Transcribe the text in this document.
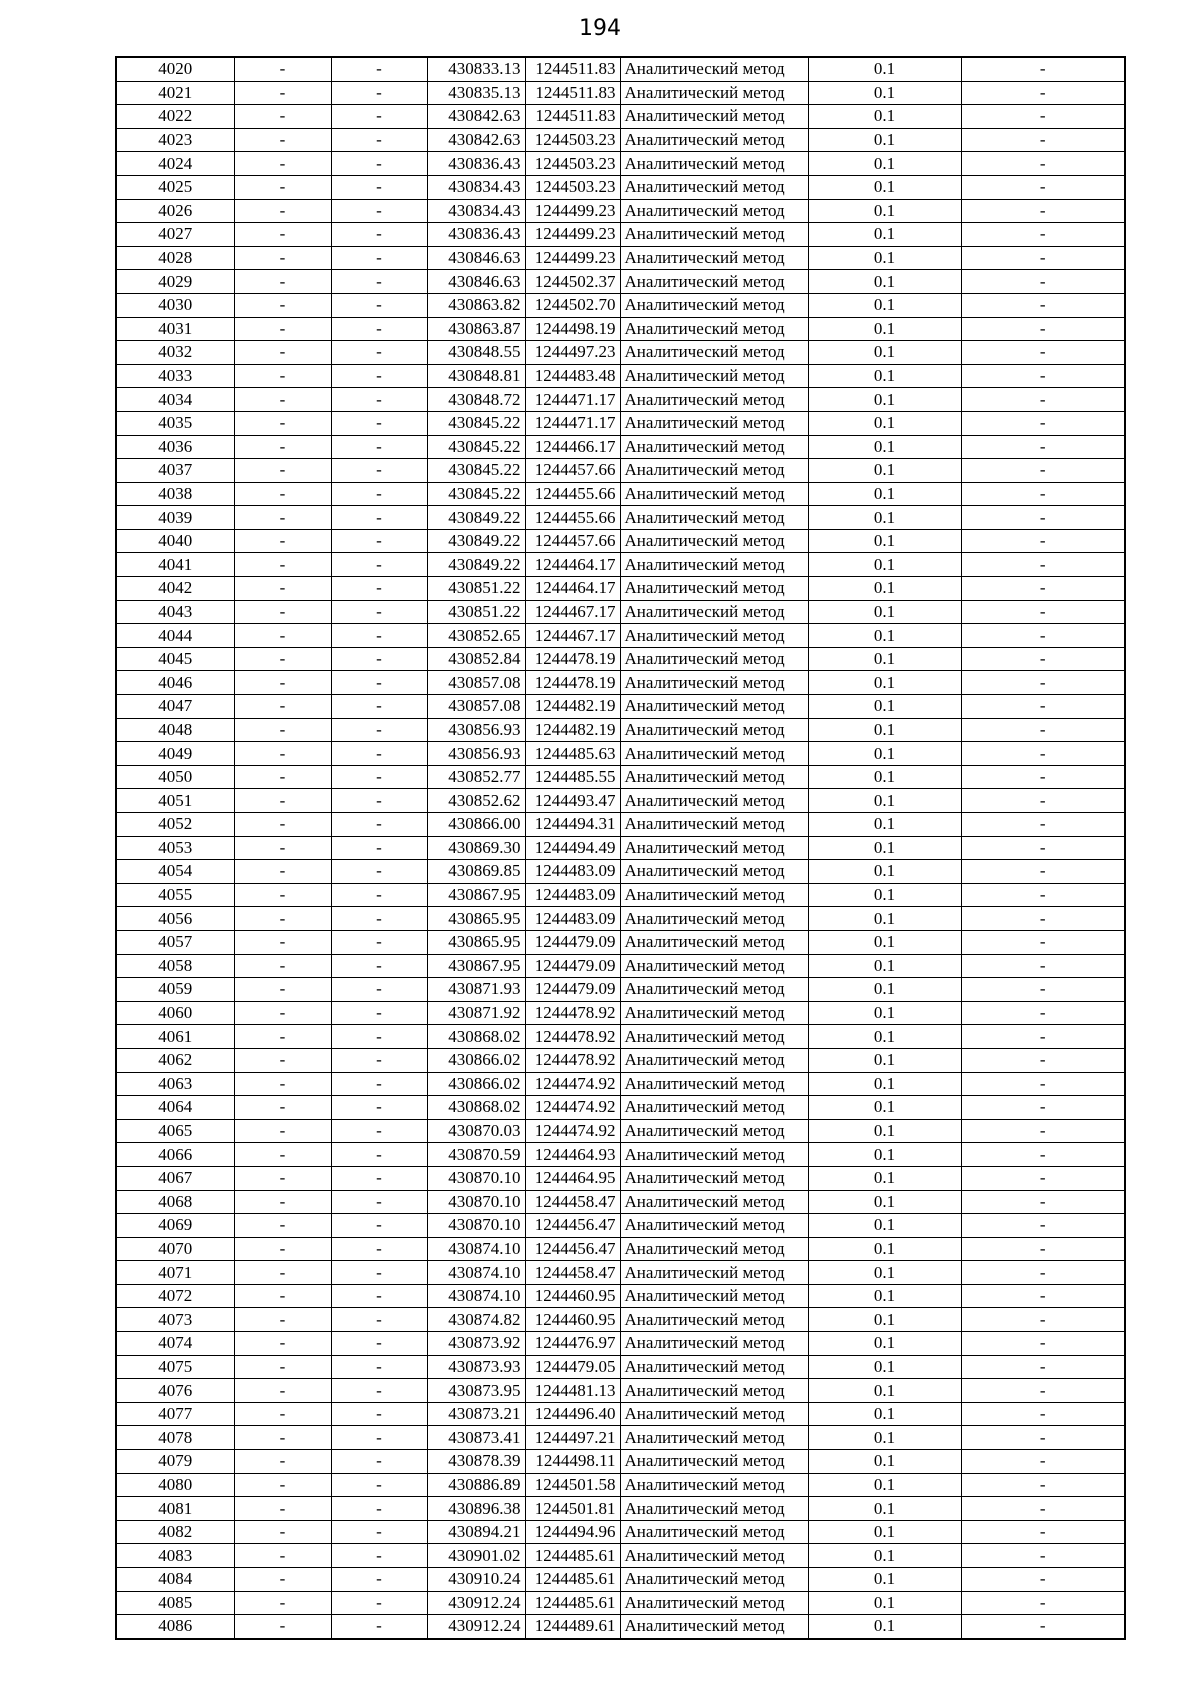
194
4020	-	-	430833.13	1244511.83	Аналитический метод	0.1	-
4021	-	-	430835.13	1244511.83	Аналитический метод	0.1	-
4022	-	-	430842.63	1244511.83	Аналитический метод	0.1	-
4023	-	-	430842.63	1244503.23	Аналитический метод	0.1	-
4024	-	-	430836.43	1244503.23	Аналитический метод	0.1	-
4025	-	-	430834.43	1244503.23	Аналитический метод	0.1	-
4026	-	-	430834.43	1244499.23	Аналитический метод	0.1	-
4027	-	-	430836.43	1244499.23	Аналитический метод	0.1	-
4028	-	-	430846.63	1244499.23	Аналитический метод	0.1	-
4029	-	-	430846.63	1244502.37	Аналитический метод	0.1	-
4030	-	-	430863.82	1244502.70	Аналитический метод	0.1	-
4031	-	-	430863.87	1244498.19	Аналитический метод	0.1	-
4032	-	-	430848.55	1244497.23	Аналитический метод	0.1	-
4033	-	-	430848.81	1244483.48	Аналитический метод	0.1	-
4034	-	-	430848.72	1244471.17	Аналитический метод	0.1	-
4035	-	-	430845.22	1244471.17	Аналитический метод	0.1	-
4036	-	-	430845.22	1244466.17	Аналитический метод	0.1	-
4037	-	-	430845.22	1244457.66	Аналитический метод	0.1	-
4038	-	-	430845.22	1244455.66	Аналитический метод	0.1	-
4039	-	-	430849.22	1244455.66	Аналитический метод	0.1	-
4040	-	-	430849.22	1244457.66	Аналитический метод	0.1	-
4041	-	-	430849.22	1244464.17	Аналитический метод	0.1	-
4042	-	-	430851.22	1244464.17	Аналитический метод	0.1	-
4043	-	-	430851.22	1244467.17	Аналитический метод	0.1	-
4044	-	-	430852.65	1244467.17	Аналитический метод	0.1	-
4045	-	-	430852.84	1244478.19	Аналитический метод	0.1	-
4046	-	-	430857.08	1244478.19	Аналитический метод	0.1	-
4047	-	-	430857.08	1244482.19	Аналитический метод	0.1	-
4048	-	-	430856.93	1244482.19	Аналитический метод	0.1	-
4049	-	-	430856.93	1244485.63	Аналитический метод	0.1	-
4050	-	-	430852.77	1244485.55	Аналитический метод	0.1	-
4051	-	-	430852.62	1244493.47	Аналитический метод	0.1	-
4052	-	-	430866.00	1244494.31	Аналитический метод	0.1	-
4053	-	-	430869.30	1244494.49	Аналитический метод	0.1	-
4054	-	-	430869.85	1244483.09	Аналитический метод	0.1	-
4055	-	-	430867.95	1244483.09	Аналитический метод	0.1	-
4056	-	-	430865.95	1244483.09	Аналитический метод	0.1	-
4057	-	-	430865.95	1244479.09	Аналитический метод	0.1	-
4058	-	-	430867.95	1244479.09	Аналитический метод	0.1	-
4059	-	-	430871.93	1244479.09	Аналитический метод	0.1	-
4060	-	-	430871.92	1244478.92	Аналитический метод	0.1	-
4061	-	-	430868.02	1244478.92	Аналитический метод	0.1	-
4062	-	-	430866.02	1244478.92	Аналитический метод	0.1	-
4063	-	-	430866.02	1244474.92	Аналитический метод	0.1	-
4064	-	-	430868.02	1244474.92	Аналитический метод	0.1	-
4065	-	-	430870.03	1244474.92	Аналитический метод	0.1	-
4066	-	-	430870.59	1244464.93	Аналитический метод	0.1	-
4067	-	-	430870.10	1244464.95	Аналитический метод	0.1	-
4068	-	-	430870.10	1244458.47	Аналитический метод	0.1	-
4069	-	-	430870.10	1244456.47	Аналитический метод	0.1	-
4070	-	-	430874.10	1244456.47	Аналитический метод	0.1	-
4071	-	-	430874.10	1244458.47	Аналитический метод	0.1	-
4072	-	-	430874.10	1244460.95	Аналитический метод	0.1	-
4073	-	-	430874.82	1244460.95	Аналитический метод	0.1	-
4074	-	-	430873.92	1244476.97	Аналитический метод	0.1	-
4075	-	-	430873.93	1244479.05	Аналитический метод	0.1	-
4076	-	-	430873.95	1244481.13	Аналитический метод	0.1	-
4077	-	-	430873.21	1244496.40	Аналитический метод	0.1	-
4078	-	-	430873.41	1244497.21	Аналитический метод	0.1	-
4079	-	-	430878.39	1244498.11	Аналитический метод	0.1	-
4080	-	-	430886.89	1244501.58	Аналитический метод	0.1	-
4081	-	-	430896.38	1244501.81	Аналитический метод	0.1	-
4082	-	-	430894.21	1244494.96	Аналитический метод	0.1	-
4083	-	-	430901.02	1244485.61	Аналитический метод	0.1	-
4084	-	-	430910.24	1244485.61	Аналитический метод	0.1	-
4085	-	-	430912.24	1244485.61	Аналитический метод	0.1	-
4086	-	-	430912.24	1244489.61	Аналитический метод	0.1	-
